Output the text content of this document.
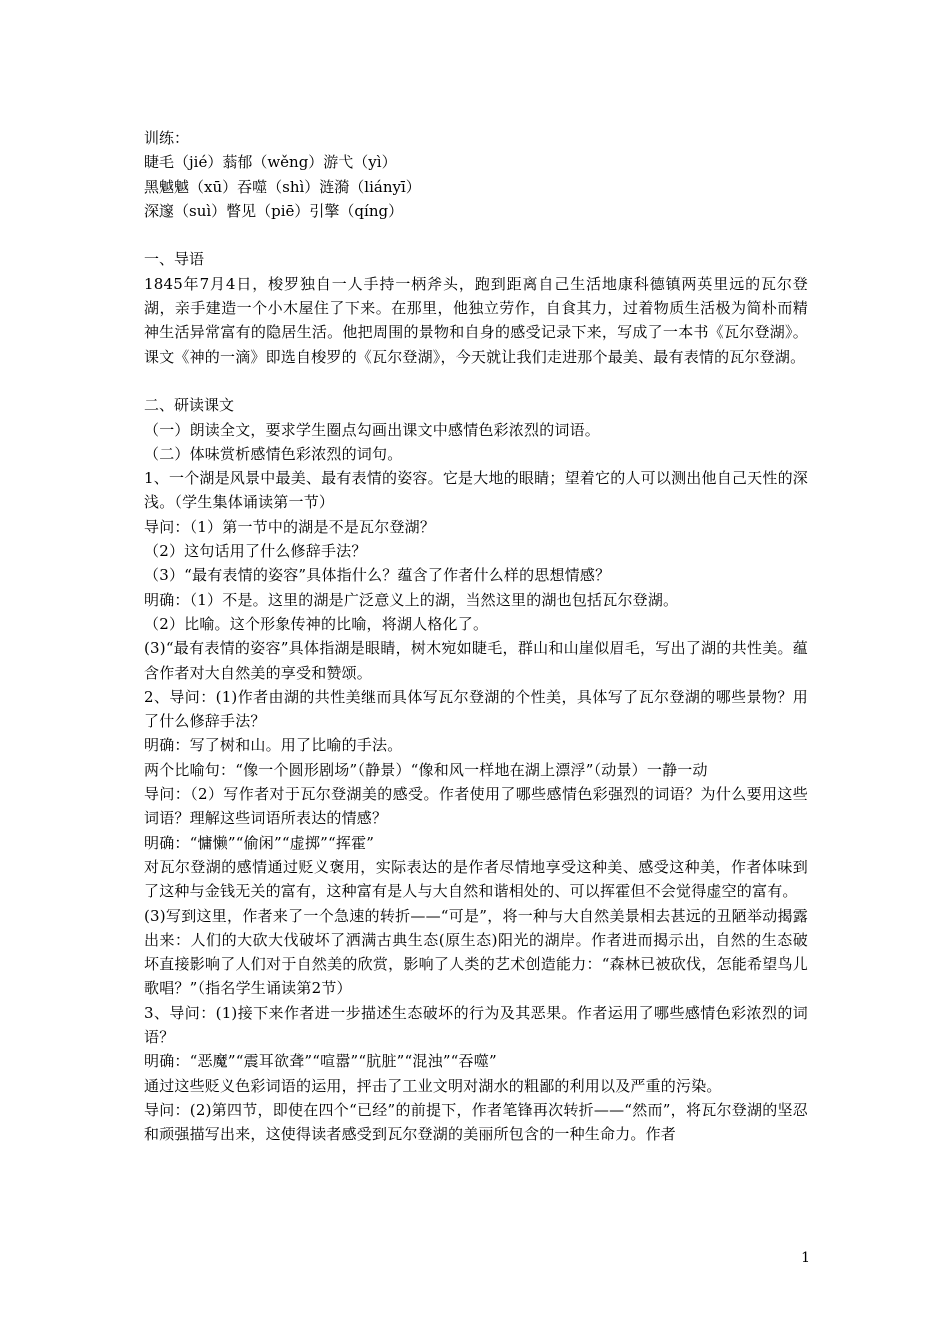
训练：
睫毛（jié）蓊郁（wěng）游弋（yì）
黑魆魆（xū）吞噬（shì）涟漪（liányī）
深邃（suì）瞥见（piē）引擎（qíng）
一、导语

1845年7月4日，梭罗独自一人手持一柄斧头，跑到距离自己生活地康科德镇两英里远的瓦尔登湖，亲手建造一个小木屋住了下来。在那里，他独立劳作，自食其力，过着物质生活极为简朴而精神生活异常富有的隐居生活。他把周围的景物和自身的感受记录下来，写成了一本书《瓦尔登湖》。课文《神的一滴》即选自梭罗的《瓦尔登湖》，今天就让我们走进那个最美、最有表情的瓦尔登湖。

二、研读课文

（一）朗读全文，要求学生圈点勾画出课文中感情色彩浓烈的词语。

（二）体味赏析感情色彩浓烈的词句。

1、一个湖是风景中最美、最有表情的姿容。它是大地的眼睛；望着它的人可以测出他自己天性的深浅。（学生集体诵读第一节）

导问：（1）第一节中的湖是不是瓦尔登湖？

（2）这句话用了什么修辞手法？

（3）“最有表情的姿容”具体指什么？蕴含了作者什么样的思想情感？

明确：（1）不是。这里的湖是广泛意义上的湖，当然这里的湖也包括瓦尔登湖。

（2）比喻。这个形象传神的比喻，将湖人格化了。

(3)“最有表情的姿容”具体指湖是眼睛，树木宛如睫毛，群山和山崖似眉毛，写出了湖的共性美。蕴含作者对大自然美的享受和赞颂。

2、导问：(1)作者由湖的共性美继而具体写瓦尔登湖的个性美，具体写了瓦尔登湖的哪些景物？用了什么修辞手法？

明确：写了树和山。用了比喻的手法。

两个比喻句：“像一个圆形剧场”（静景）“像和风一样地在湖上漂浮”（动景）一静一动

导问：（2）写作者对于瓦尔登湖美的感受。作者使用了哪些感情色彩强烈的词语？为什么要用这些词语？理解这些词语所表达的情感？

明确：“慵懒”“偷闲”“虚掷”“挥霍”

对瓦尔登湖的感情通过贬义褒用，实际表达的是作者尽情地享受这种美、感受这种美，作者体味到了这种与金钱无关的富有，这种富有是人与大自然和谐相处的、可以挥霍但不会觉得虚空的富有。

(3)写到这里，作者来了一个急速的转折——“可是”，将一种与大自然美景相去甚远的丑陋举动揭露出来：人们的大砍大伐破坏了洒满古典生态(原生态)阳光的湖岸。作者进而揭示出，自然的生态破坏直接影响了人们对于自然美的欣赏，影响了人类的艺术创造能力：“森林已被砍伐，怎能希望鸟儿歌唱？”（指名学生诵读第2节）

3、导问：(1)接下来作者进一步描述生态破坏的行为及其恶果。作者运用了哪些感情色彩浓烈的词语？

明确：“恶魔”“震耳欲聋”“喧嚣”“肮脏”“混浊”“吞噬”

通过这些贬义色彩词语的运用，抨击了工业文明对湖水的粗鄙的利用以及严重的污染。

导问：(2)第四节，即使在四个“已经”的前提下，作者笔锋再次转折——“然而”，将瓦尔登湖的坚忍和顽强描写出来，这使得读者感受到瓦尔登湖的美丽所包含的一种生命力。作者

1
